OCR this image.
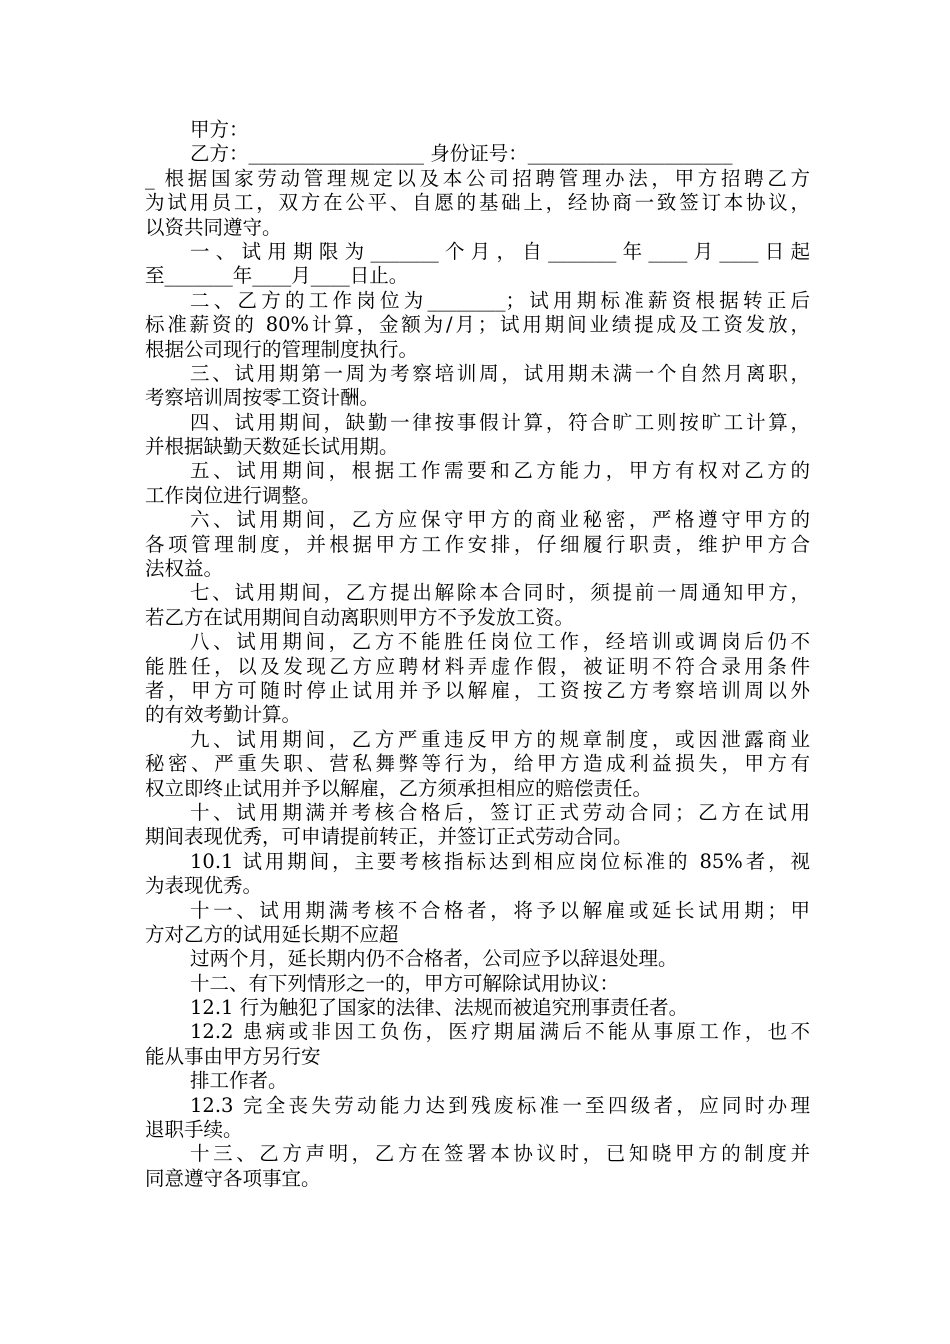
甲方：
乙方：__________________ 身份证号：_____________________
_ 根据国家劳动管理规定以及本公司招聘管理办法，甲方招聘乙方
为试用员工，双方在公平、自愿的基础上，经协商一致签订本协议，
以资共同遵守。
一、试用期限为_______个月，自_______年____月____日起
至_______年____月____日止。
二、乙方的工作岗位为________；试用期标准薪资根据转正后
标准薪资的 80%计算，金额为/月；试用期间业绩提成及工资发放，
根据公司现行的管理制度执行。
三、试用期第一周为考察培训周，试用期未满一个自然月离职，
考察培训周按零工资计酬。
四、试用期间，缺勤一律按事假计算，符合旷工则按旷工计算，
并根据缺勤天数延长试用期。
五、试用期间，根据工作需要和乙方能力，甲方有权对乙方的
工作岗位进行调整。
六、试用期间，乙方应保守甲方的商业秘密，严格遵守甲方的
各项管理制度，并根据甲方工作安排，仔细履行职责，维护甲方合
法权益。
七、试用期间，乙方提出解除本合同时，须提前一周通知甲方，
若乙方在试用期间自动离职则甲方不予发放工资。
八、试用期间，乙方不能胜任岗位工作，经培训或调岗后仍不
能胜任，以及发现乙方应聘材料弄虚作假，被证明不符合录用条件
者，甲方可随时停止试用并予以解雇，工资按乙方考察培训周以外
的有效考勤计算。
九、试用期间，乙方严重违反甲方的规章制度，或因泄露商业
秘密、严重失职、营私舞弊等行为，给甲方造成利益损失，甲方有
权立即终止试用并予以解雇，乙方须承担相应的赔偿责任。
十、试用期满并考核合格后，签订正式劳动合同；乙方在试用
期间表现优秀，可申请提前转正，并签订正式劳动合同。
10.1 试用期间，主要考核指标达到相应岗位标准的 85%者，视
为表现优秀。
十一、试用期满考核不合格者，将予以解雇或延长试用期；甲
方对乙方的试用延长期不应超
过两个月，延长期内仍不合格者，公司应予以辞退处理。
十二、有下列情形之一的，甲方可解除试用协议：
12.1 行为触犯了国家的法律、法规而被追究刑事责任者。
12.2 患病或非因工负伤，医疗期届满后不能从事原工作，也不
能从事由甲方另行安
排工作者。
12.3 完全丧失劳动能力达到残废标准一至四级者，应同时办理
退职手续。
十三、乙方声明，乙方在签署本协议时，已知晓甲方的制度并
同意遵守各项事宜。
